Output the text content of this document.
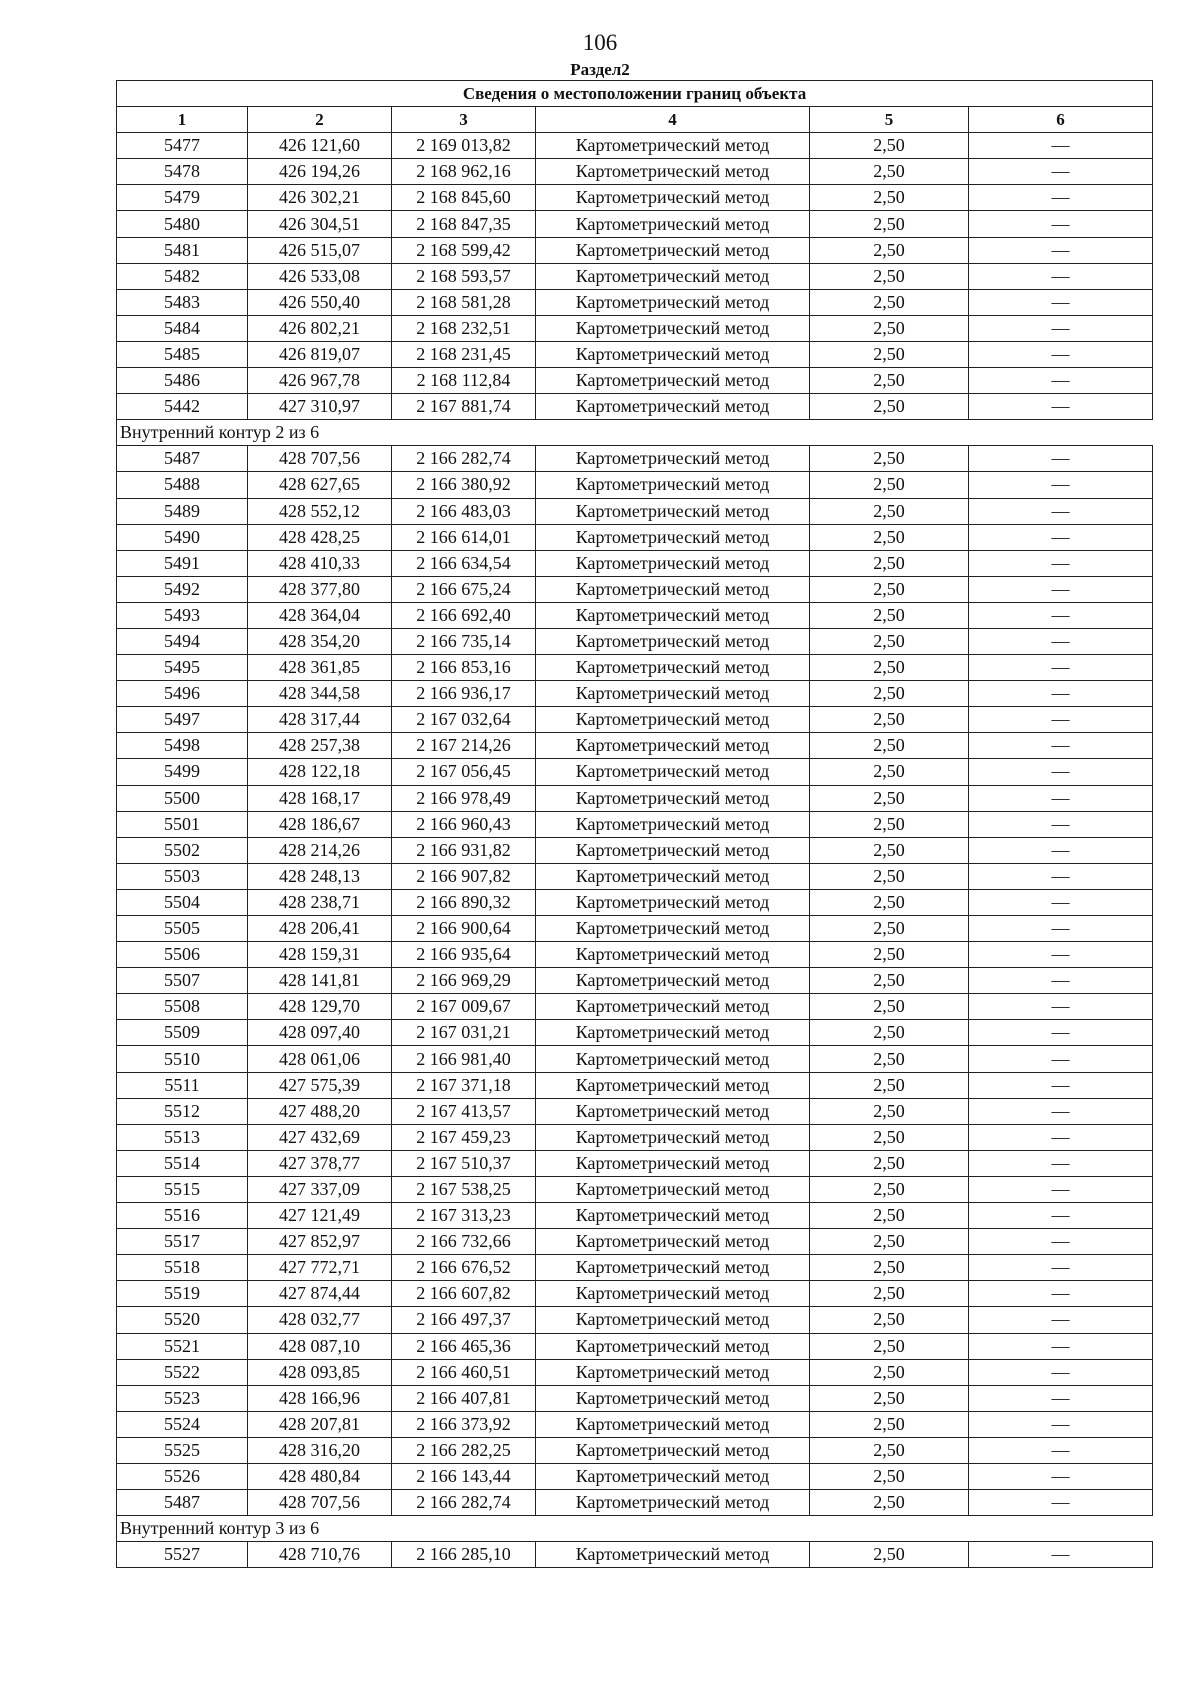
106
Раздел2
Сведения о местоположении границ объекта					
1	2	3	4	5	6
5477	426 121,60	2 169 013,82	Картометрический метод	2,50	—
5478	426 194,26	2 168 962,16	Картометрический метод	2,50	—
5479	426 302,21	2 168 845,60	Картометрический метод	2,50	—
5480	426 304,51	2 168 847,35	Картометрический метод	2,50	—
5481	426 515,07	2 168 599,42	Картометрический метод	2,50	—
5482	426 533,08	2 168 593,57	Картометрический метод	2,50	—
5483	426 550,40	2 168 581,28	Картометрический метод	2,50	—
5484	426 802,21	2 168 232,51	Картометрический метод	2,50	—
5485	426 819,07	2 168 231,45	Картометрический метод	2,50	—
5486	426 967,78	2 168 112,84	Картометрический метод	2,50	—
5442	427 310,97	2 167 881,74	Картометрический метод	2,50	—
Внутренний контур 2 из 6					
5487	428 707,56	2 166 282,74	Картометрический метод	2,50	—
5488	428 627,65	2 166 380,92	Картометрический метод	2,50	—
5489	428 552,12	2 166 483,03	Картометрический метод	2,50	—
5490	428 428,25	2 166 614,01	Картометрический метод	2,50	—
5491	428 410,33	2 166 634,54	Картометрический метод	2,50	—
5492	428 377,80	2 166 675,24	Картометрический метод	2,50	—
5493	428 364,04	2 166 692,40	Картометрический метод	2,50	—
5494	428 354,20	2 166 735,14	Картометрический метод	2,50	—
5495	428 361,85	2 166 853,16	Картометрический метод	2,50	—
5496	428 344,58	2 166 936,17	Картометрический метод	2,50	—
5497	428 317,44	2 167 032,64	Картометрический метод	2,50	—
5498	428 257,38	2 167 214,26	Картометрический метод	2,50	—
5499	428 122,18	2 167 056,45	Картометрический метод	2,50	—
5500	428 168,17	2 166 978,49	Картометрический метод	2,50	—
5501	428 186,67	2 166 960,43	Картометрический метод	2,50	—
5502	428 214,26	2 166 931,82	Картометрический метод	2,50	—
5503	428 248,13	2 166 907,82	Картометрический метод	2,50	—
5504	428 238,71	2 166 890,32	Картометрический метод	2,50	—
5505	428 206,41	2 166 900,64	Картометрический метод	2,50	—
5506	428 159,31	2 166 935,64	Картометрический метод	2,50	—
5507	428 141,81	2 166 969,29	Картометрический метод	2,50	—
5508	428 129,70	2 167 009,67	Картометрический метод	2,50	—
5509	428 097,40	2 167 031,21	Картометрический метод	2,50	—
5510	428 061,06	2 166 981,40	Картометрический метод	2,50	—
5511	427 575,39	2 167 371,18	Картометрический метод	2,50	—
5512	427 488,20	2 167 413,57	Картометрический метод	2,50	—
5513	427 432,69	2 167 459,23	Картометрический метод	2,50	—
5514	427 378,77	2 167 510,37	Картометрический метод	2,50	—
5515	427 337,09	2 167 538,25	Картометрический метод	2,50	—
5516	427 121,49	2 167 313,23	Картометрический метод	2,50	—
5517	427 852,97	2 166 732,66	Картометрический метод	2,50	—
5518	427 772,71	2 166 676,52	Картометрический метод	2,50	—
5519	427 874,44	2 166 607,82	Картометрический метод	2,50	—
5520	428 032,77	2 166 497,37	Картометрический метод	2,50	—
5521	428 087,10	2 166 465,36	Картометрический метод	2,50	—
5522	428 093,85	2 166 460,51	Картометрический метод	2,50	—
5523	428 166,96	2 166 407,81	Картометрический метод	2,50	—
5524	428 207,81	2 166 373,92	Картометрический метод	2,50	—
5525	428 316,20	2 166 282,25	Картометрический метод	2,50	—
5526	428 480,84	2 166 143,44	Картометрический метод	2,50	—
5487	428 707,56	2 166 282,74	Картометрический метод	2,50	—
Внутренний контур 3 из 6					
5527	428 710,76	2 166 285,10	Картометрический метод	2,50	—
